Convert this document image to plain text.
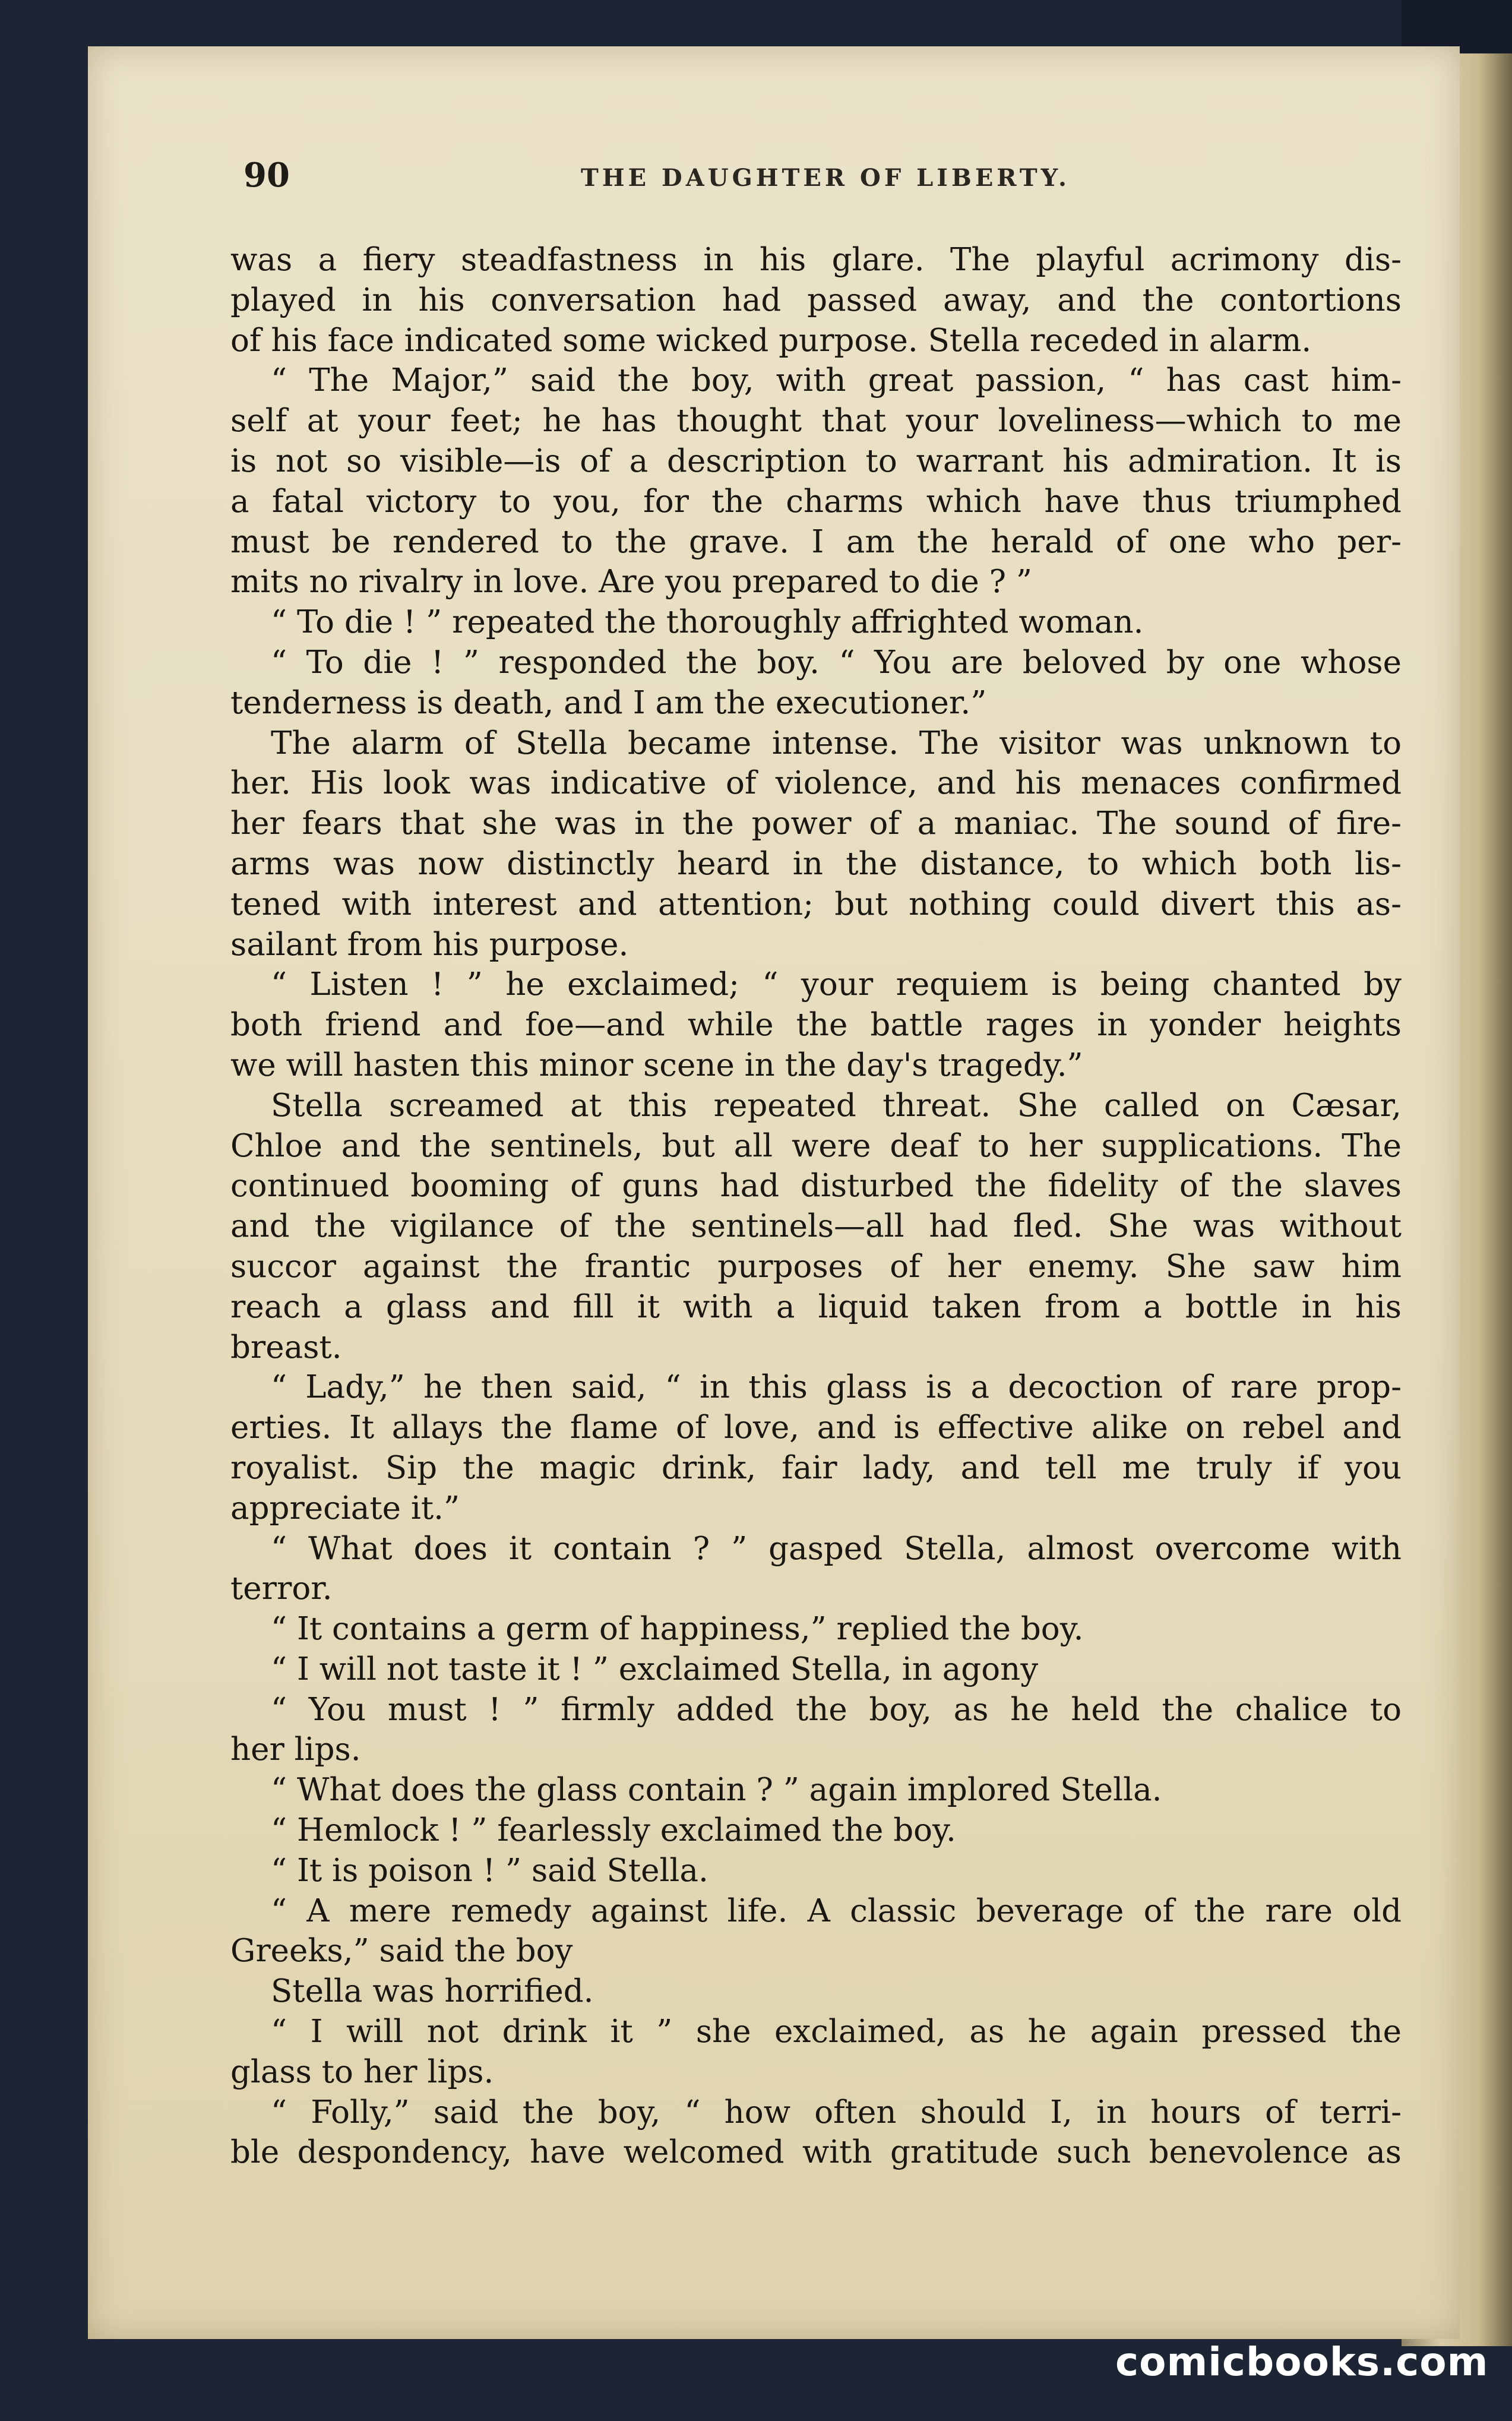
90	THE DAUGHTER OF LIBERTY.
was a fiery steadfastness in his glare. The playful acrimony dis-
played in his conversation had passed away, and the contortions
of his face indicated some wicked purpose. Stella receded in alarm.
“ The Major,” said the boy, with great passion, “ has cast him-
self at your feet; he has thought that your loveliness—which to me
is not so visible—is of a description to warrant his admiration. It is
a fatal victory to you, for the charms which have thus triumphed
must be rendered to the grave. I am the herald of one who per-
mits no rivalry in love. Are you prepared to die ? ”
“ To die ! ” repeated the thoroughly affrighted woman.
“ To die ! ” responded the boy. “ You are beloved by one whose
tenderness is death, and I am the executioner.”
The alarm of Stella became intense. The visitor was unknown to
her. His look was indicative of violence, and his menaces confirmed
her fears that she was in the power of a maniac. The sound of fire-
arms was now distinctly heard in the distance, to which both lis-
tened with interest and attention; but nothing could divert this as-
sailant from his purpose.
“ Listen ! ” he exclaimed; “ your requiem is being chanted by
both friend and foe—and while the battle rages in yonder heights
we will hasten this minor scene in the day's tragedy.”
Stella screamed at this repeated threat. She called on Cæsar,
Chloe and the sentinels, but all were deaf to her supplications. The
continued booming of guns had disturbed the fidelity of the slaves
and the vigilance of the sentinels—all had fled. She was without
succor against the frantic purposes of her enemy. She saw him
reach a glass and fill it with a liquid taken from a bottle in his
breast.
“ Lady,” he then said, “ in this glass is a decoction of rare prop-
erties. It allays the flame of love, and is effective alike on rebel and
royalist. Sip the magic drink, fair lady, and tell me truly if you
appreciate it.”
“ What does it contain ? ” gasped Stella, almost overcome with
terror.
“ It contains a germ of happiness,” replied the boy.
“ I will not taste it ! ” exclaimed Stella, in agony
“ You must ! ” firmly added the boy, as he held the chalice to
her lips.
“ What does the glass contain ? ” again implored Stella.
“ Hemlock ! ” fearlessly exclaimed the boy.
“ It is poison ! ” said Stella.
“ A mere remedy against life. A classic beverage of the rare old
Greeks,” said the boy
Stella was horrified.
“ I will not drink it ” she exclaimed, as he again pressed the
glass to her lips.
“ Folly,” said the boy, “ how often should I, in hours of terri-
ble despondency, have welcomed with gratitude such benevolence as
comicbooks.com
